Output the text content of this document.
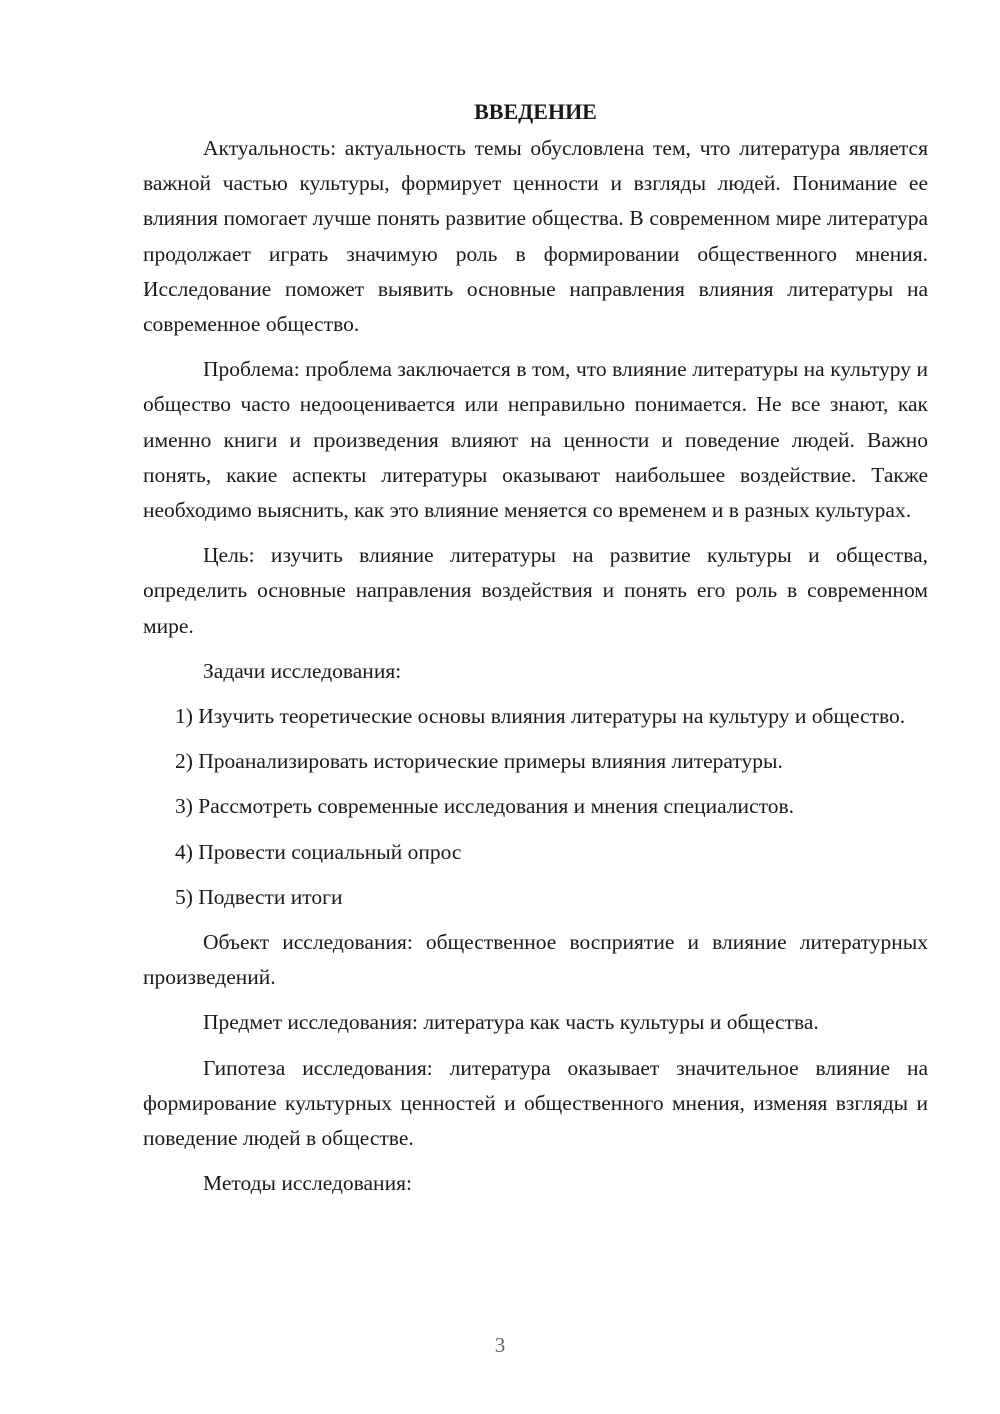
ВВЕДЕНИЕ

Актуальность: актуальность темы обусловлена тем, что литература является важной частью культуры, формирует ценности и взгляды людей. Понимание ее влияния помогает лучше понять развитие общества. В современном мире литература продолжает играть значимую роль в формировании общественного мнения. Исследование поможет выявить основные направления влияния литературы на современное общество.

Проблема: проблема заключается в том, что влияние литературы на культуру и общество часто недооценивается или неправильно понимается. Не все знают, как именно книги и произведения влияют на ценности и поведение людей. Важно понять, какие аспекты литературы оказывают наибольшее воздействие. Также необходимо выяснить, как это влияние меняется со временем и в разных культурах.

Цель: изучить влияние литературы на развитие культуры и общества, определить основные направления воздействия и понять его роль в современном мире.

Задачи исследования:

1) Изучить теоретические основы влияния литературы на культуру и общество.

2) Проанализировать исторические примеры влияния литературы.

3) Рассмотреть современные исследования и мнения специалистов.

4) Провести социальный опрос

5) Подвести итоги

Объект исследования: общественное восприятие и влияние литературных произведений.

Предмет исследования: литература как часть культуры и общества.

Гипотеза исследования: литература оказывает значительное влияние на формирование культурных ценностей и общественного мнения, изменяя взгляды и поведение людей в обществе.

Методы исследования:

3
